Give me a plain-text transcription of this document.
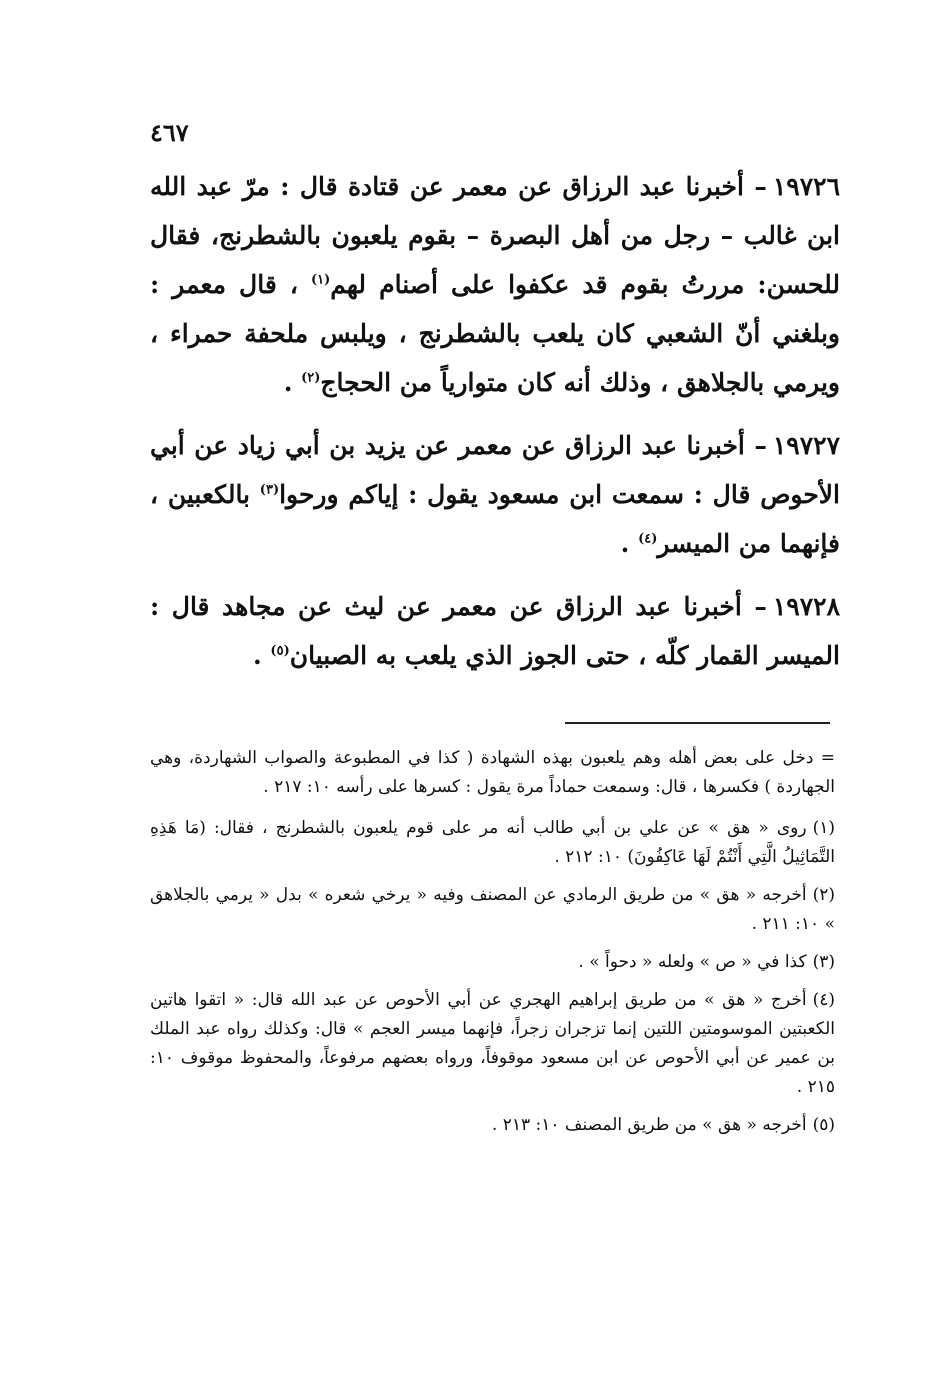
٤٦٧

١٩٧٢٦– أخبرنا عبد الرزاق عن معمر عن قتادة قال : مرّ عبد الله ابن غالب – رجل من أهل البصرة – بقوم يلعبون بالشطرنج، فقال للحسن: مررتُ بقوم قد عكفوا على أصنام لهم$^{(١)}$ ، قال معمر : وبلغني أنّ الشعبي كان يلعب بالشطرنج ، ويلبس ملحفة حمراء ، ويرمي بالجلاهق ، وذلك أنه كان متوارياً من الحجاج$^{(٢)}$ .

١٩٧٢٧– أخبرنا عبد الرزاق عن معمر عن يزيد بن أبي زياد عن أبي الأحوص قال : سمعت ابن مسعود يقول : إياكم ورحوا$^{(٣)}$ بالكعبين ، فإنهما من الميسر$^{(٤)}$ .

١٩٧٢٨– أخبرنا عبد الرزاق عن معمر عن ليث عن مجاهد قال : الميسر القمار كلّه ، حتى الجوز الذي يلعب به الصبيان$^{(٥)}$ .

= دخل على بعض أهله وهم يلعبون بهذه الشهادة ( كذا في المطبوعة والصواب الشهاردة، وهي الجهاردة ) فكسرها ، قال: وسمعت حماداً مرة يقول : كسرها على رأسه ١٠: ٢١٧ .

(١)روى « هق » عن علي بن أبي طالب أنه مر على قوم يلعبون بالشطرنج ، فقال: (مَا هَذِهِ التَّمَاثِيلُ الَّتِي أَنْتُمْ لَهَا عَاكِفُونَ) ١٠: ٢١٢ .

(٢)أخرجه « هق » من طريق الرمادي عن المصنف وفيه « يرخي شعره » بدل « يرمي بالجلاهق » ١٠: ٢١١ .

(٣)كذا في « ص » ولعله « دحواً » .

(٤)أخرج « هق » من طريق إبراهيم الهجري عن أبي الأحوص عن عبد الله قال: « اتقوا هاتين الكعبتين الموسومتين اللتين إنما تزجران زجراً، فإنهما ميسر العجم » قال: وكذلك رواه عبد الملك بن عمير عن أبي الأحوص عن ابن مسعود موقوفاً، ورواه بعضهم مرفوعاً، والمحفوظ موقوف ١٠: ٢١٥ .

(٥)أخرجه « هق » من طريق المصنف ١٠: ٢١٣ .
